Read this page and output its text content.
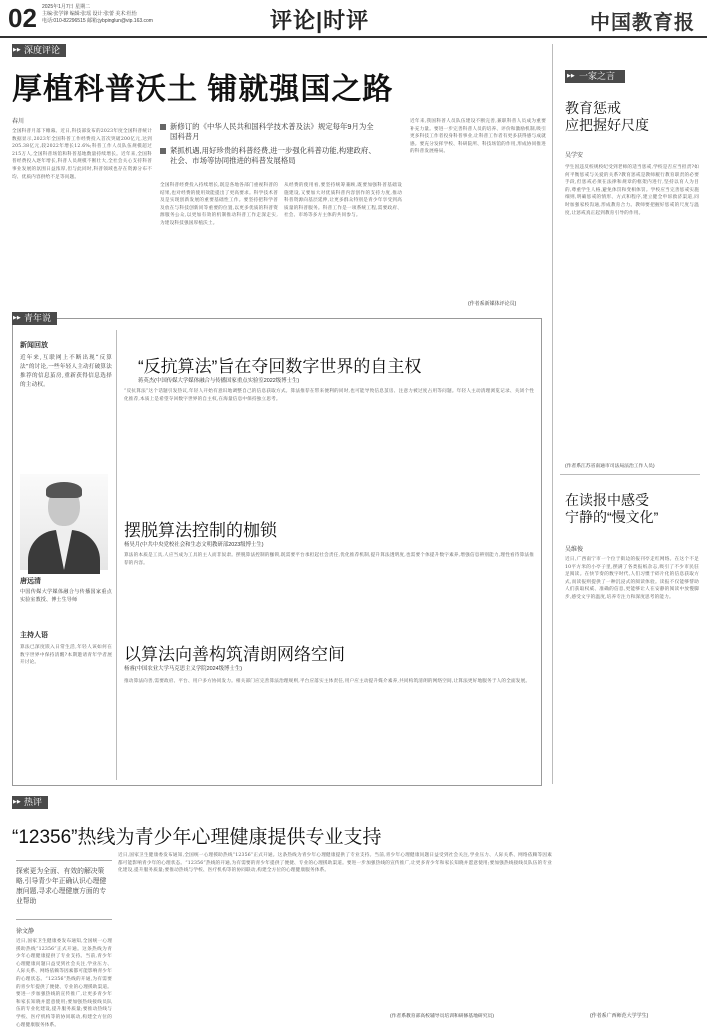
02 2025年1月7日 星期二
主编:张学锋 编辑:张瑶 设计:张蕾 美术:杜怡
电话:010-82296515 邮箱:jybpinglun@vip.163.com	评论|时评	中国教育报
▶▶ 深度评论
厚植科普沃土 铺就强国之路
春川	新修订的《中华人民共和国科学技术普及法》规定每年9月为全国科普月
紧抓机遇,用好珍贵的科普经费,进一步强化科普功能,构建政府、社会、市场等协同推进的科普发展格局
全国科普月落下帷幕。近日,科技部发布的2023年度全国科普统计数据显示,2023年全国科普工作经费投入首次突破200亿元,达到205.38亿元,较2022年增长12.6%;科普工作人员队伍规模超过215万人,全国科普场馆和科普基地数量持续增长。近年来,全国科普经费投入逐年增长,科普人员规模不断壮大,全社会关心支持科普事业发展的氛围日益浓厚,但与此同时,科普领域也存在资源分布不均、优质内容供给不足等问题。
全国科普经费投入持续增长,既是各地各部门重视科普的结果,也对经费的使用效能提出了更高要求。科学技术普及是实现创新发展的重要基础性工作。要坚持把科学普及放在与科技创新同等重要的位置,以更多优质的科普资源服务公众,以更加有效的机制推动科普工作走深走实,为建设科技强国厚植沃土。
从经费的使用看,要坚持统筹兼顾,既要加强科普基础设施建设,又要加大对优质科普内容创作的支持力度,推动科普资源向基层延伸,让更多群众特别是青少年享受到高质量的科普服务。科普工作是一项系统工程,需要政府、社会、市场等多方主体的共同参与。
近年来,我国科普人员队伍建设不断完善,兼职科普人员成为重要补充力量。要进一步完善科普人员的培养、评价和激励机制,吸引更多科技工作者投身科普事业,让科普工作者有更多获得感与成就感。要充分发挥学校、科研院所、科技场馆的作用,形成协同推进的科普发展格局。
(作者系新媒体评论员)
▶▶ 一家之言
教育惩戒
应把握好尺度
吴学安
学生因违反校规校纪受到老师的适当惩戒,学校是否应当担责?如何平衡惩戒与关爱的关系?教育惩戒是教师履行教育职责的必要手段,但惩戒必须在法律和规章的框架内进行,坚持以育人为目的,尊重学生人格,避免体罚和变相体罚。学校应当完善惩戒实施细则,明确惩戒的情形、方式和程序,建立健全申诉救济渠道,同时加强家校沟通,形成教育合力。教师要把握好惩戒的尺度与温度,让惩戒真正起到教育引导的作用。
(作者系江苏省南通市司法局法治工作人员)
在读报中感受
宁静的“慢文化”
吴维俊
近日,广西南宁市一个位于街边的报刊亭走红网络。在这个不足10平方米的小亭子里,摆满了各类报纸杂志,吸引了不少市民驻足阅读。在快节奏的数字时代,人们习惯于碎片化的信息获取方式,而读报则提供了一种沉浸式的阅读体验。读报不仅能够帮助人们获取权威、准确的信息,更能够让人在安静的阅读中放慢脚步,感受文字的温度,培养专注力和深度思考的能力。
(作者系广西师范大学学生)
▶▶ 青年说
新闻回放
近年来,互联网上不断出现“反算法”的讨论,一些年轻人主动打破算法推荐的信息茧房,重新获得信息选择的主动权。
唐远清
中国传媒大学媒体融合与传播国家重点实验室教授、博士生导师
主持人语
算法已深度嵌入日常生活,年轻人该如何在数字世界中保持清醒?本期邀请青年学者展开讨论。
“反抗算法”旨在夺回数字世界的自主权
蒋英杰(中国传媒大学媒体融合与传播国家重点实验室2022级博士生)
“反抗算法”这个话题引发热议,年轻人开始有意识地调整自己的信息获取方式。算法推荐在带来便利的同时,也可能导致信息茧房、注意力被过度占用等问题。年轻人主动清理浏览记录、关闭个性化推荐,本质上是希望夺回数字世界的自主权,在海量信息中保持独立思考。
摆脱算法控制的枷锁
杨昊月(中共中央党校社会和生态文明教研部2023级博士生)
算法的本质是工具,人应当成为工具的主人而非奴隶。摆脱算法控制的枷锁,既需要平台承担起社会责任,优化推荐机制,提升算法透明度,也需要个体提升数字素养,增强信息辨别能力,理性看待算法推荐的内容。
以算法向善构筑清朗网络空间
杨睿(中国农业大学马克思主义学院2024级博士生)
推动算法向善,需要政府、平台、用户多方协同发力。相关部门应完善算法治理规则,平台应落实主体责任,用户应主动提升媒介素养,共同构筑清朗的网络空间,让算法更好地服务于人的全面发展。
▶▶ 热评
“12356”热线为青少年心理健康提供专业支持
探索更为全面、有效的解决策略,引导青少年正确认识心理健康问题,寻求心理健康方面的专业帮助
徐文静
近日,国家卫生健康委发布通知,全国统一心理援助热线“12356”正式开通。这条热线为青少年心理健康提供了专业支持。当前,青少年心理健康问题日益受到社会关注,学业压力、人际关系、网络依赖等因素都可能影响青少年的心理状态。“12356”热线的开通,为有需要的青少年提供了便捷、专业的心理援助渠道。要进一步加强热线的宣传推广,让更多青少年和家长知晓并愿意使用;要加强热线接线员队伍的专业化建设,提升服务质量;要推动热线与学校、医疗机构等的协同联动,构建全方位的心理健康服务体系。
近日,国家卫生健康委发布通知,全国统一心理援助热线“12356”正式开通。这条热线为青少年心理健康提供了专业支持。当前,青少年心理健康问题日益受到社会关注,学业压力、人际关系、网络依赖等因素都可能影响青少年的心理状态。“12356”热线的开通,为有需要的青少年提供了便捷、专业的心理援助渠道。要进一步加强热线的宣传推广,让更多青少年和家长知晓并愿意使用;要加强热线接线员队伍的专业化建设,提升服务质量;要推动热线与学校、医疗机构等的协同联动,构建全方位的心理健康服务体系。
(作者系教育部高校辅导员培训和研修基地研究员)
